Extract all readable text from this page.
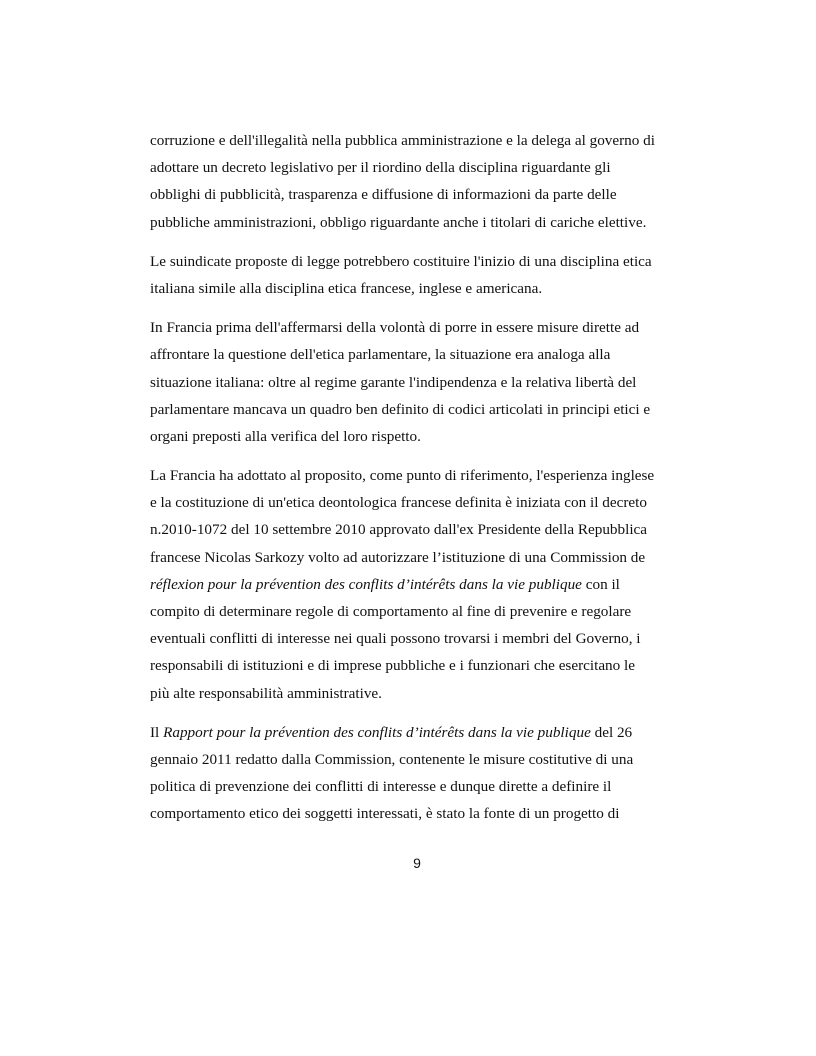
corruzione e dell'illegalità nella pubblica amministrazione e la delega al governo di
adottare un decreto legislativo per il riordino della disciplina riguardante gli
obblighi di pubblicità, trasparenza e diffusione di informazioni da parte delle
pubbliche amministrazioni, obbligo riguardante anche i titolari di cariche elettive.
Le suindicate proposte di legge potrebbero costituire l'inizio di una disciplina etica
italiana simile alla disciplina etica francese, inglese e americana.
In Francia prima dell'affermarsi della volontà di porre in essere misure dirette ad
affrontare la questione dell'etica parlamentare, la situazione era analoga alla
situazione italiana: oltre al regime garante l'indipendenza e la relativa libertà del
parlamentare mancava un quadro ben definito di codici articolati in principi etici e
organi preposti alla verifica del loro rispetto.
La Francia ha adottato al proposito, come punto di riferimento, l'esperienza inglese
e la costituzione di un'etica deontologica francese definita è iniziata con il decreto
n.2010-1072 del 10 settembre 2010 approvato dall'ex Presidente della Repubblica
francese Nicolas Sarkozy volto ad autorizzare l’istituzione di una Commission de
réflexion pour la prévention des conflits d’intérêts dans la vie publique con il
compito di determinare regole di comportamento al fine di prevenire e regolare
eventuali conflitti di interesse nei quali possono trovarsi i membri del Governo, i
responsabili di istituzioni e di imprese pubbliche e i funzionari che esercitano le
più alte responsabilità amministrative.
Il Rapport pour la prévention des conflits d’intérêts dans la vie publique del 26
gennaio 2011 redatto dalla Commission, contenente le misure costitutive di una
politica di prevenzione dei conflitti di interesse e dunque dirette a definire il
comportamento etico dei soggetti interessati, è stato la fonte di un progetto di
9
